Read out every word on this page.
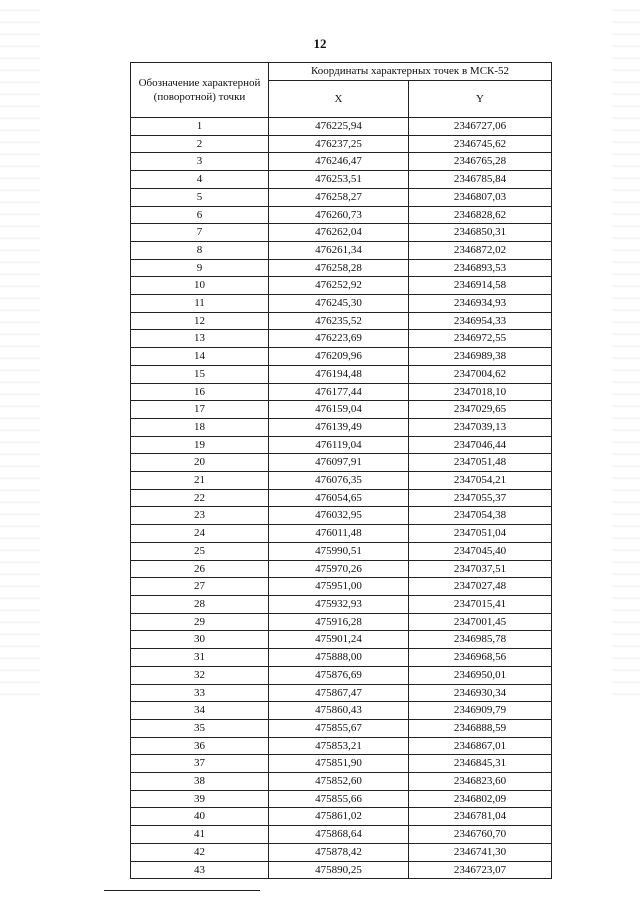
12
Обозначение характерной (поворотной) точки	Координаты характерных точек в МСК-52	
	X	Y
1	476225,94	2346727,06
2	476237,25	2346745,62
3	476246,47	2346765,28
4	476253,51	2346785,84
5	476258,27	2346807,03
6	476260,73	2346828,62
7	476262,04	2346850,31
8	476261,34	2346872,02
9	476258,28	2346893,53
10	476252,92	2346914,58
11	476245,30	2346934,93
12	476235,52	2346954,33
13	476223,69	2346972,55
14	476209,96	2346989,38
15	476194,48	2347004,62
16	476177,44	2347018,10
17	476159,04	2347029,65
18	476139,49	2347039,13
19	476119,04	2347046,44
20	476097,91	2347051,48
21	476076,35	2347054,21
22	476054,65	2347055,37
23	476032,95	2347054,38
24	476011,48	2347051,04
25	475990,51	2347045,40
26	475970,26	2347037,51
27	475951,00	2347027,48
28	475932,93	2347015,41
29	475916,28	2347001,45
30	475901,24	2346985,78
31	475888,00	2346968,56
32	475876,69	2346950,01
33	475867,47	2346930,34
34	475860,43	2346909,79
35	475855,67	2346888,59
36	475853,21	2346867,01
37	475851,90	2346845,31
38	475852,60	2346823,60
39	475855,66	2346802,09
40	475861,02	2346781,04
41	475868,64	2346760,70
42	475878,42	2346741,30
43	475890,25	2346723,07
